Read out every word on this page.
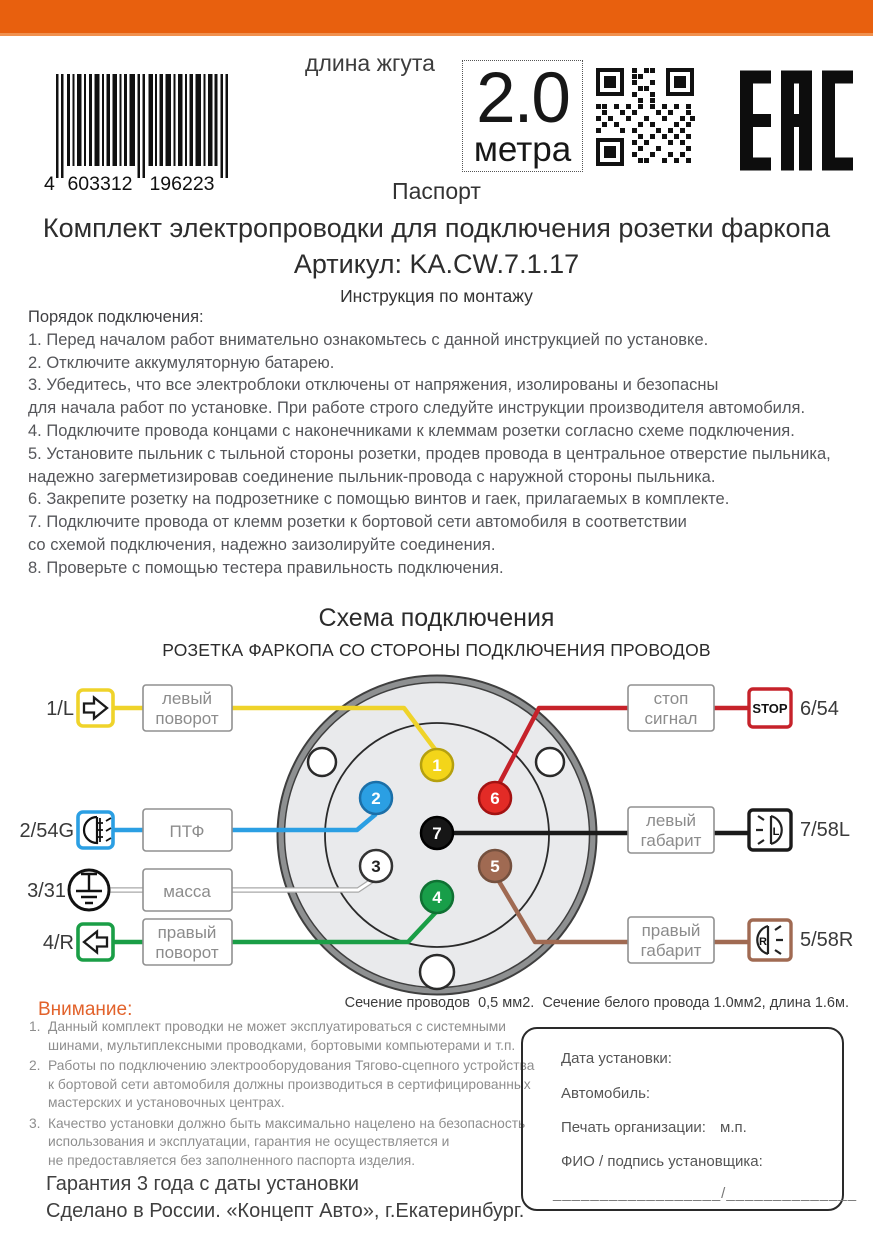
4 603312 196223
длина жгута 2.0
метра
Паспорт
Комплект электропроводки для подключения розетки фаркопа
Артикул: KA.CW.7.1.17
Инструкция по монтажу
Порядок подключения:
1. Перед началом работ внимательно ознакомьтесь с данной инструкцией по установке.
2. Отключите аккумуляторную батарею.
3. Убедитесь, что все электроблоки отключены от напряжения, изолированы и безопасны
для начала работ по установке. При работе строго следуйте инструкции производителя автомобиля.
4. Подключите провода концами с наконечниками к клеммам розетки согласно схеме подключения.
5. Установите пыльник с тыльной стороны розетки, продев провода в центральное отверстие пыльника,
надежно загерметизировав соединение пыльник-провода с наружной стороны пыльника.
6. Закрепите розетку на подрозетнике с помощью винтов и гаек, прилагаемых в комплекте.
7. Подключите провода от клемм розетки к бортовой сети автомобиля в соответствии
со схемой подключения, надежно заизолируйте соединения.
8. Проверьте с помощью тестера правильность подключения.
Схема подключения
РОЗЕТКА ФАРКОПА СО СТОРОНЫ ПОДКЛЮЧЕНИЯ ПРОВОДОВ
1
2	6
7
3	5
4
1/L
2/54G
3/31
4/R
левый
поворот
ПТФ
масса
правый
поворот
стоп
сигнал
левый
габарит
правый
габарит
STOP
L
R
6/54
7/58L
5/58R
Сечение проводов  0,5 мм2.  Сечение белого провода 1.0мм2, длина 1.6м.
Внимание:
1. Данный комплект проводки не может эксплуатироваться с системными
шинами, мультиплексными проводками, бортовыми компьютерами и т.п.
2. Работы по подключению электрооборудования Тягово-сцепного устройства
к бортовой сети автомобиля должны производиться в сертифицированных
мастерских и установочных центрах.
3. Качество установки должно быть максимально нацелено на безопасность
использования и эксплуатации, гарантия не осуществляется и
не предоставляется без заполненного паспорта изделия.
Дата установки:
Автомобиль:
Печать организации: м.п.
ФИО / подпись установщика:
__________________/______________
Гарантия 3 года с даты установки
Сделано в России. «Концепт Авто», г.Екатеринбург.
